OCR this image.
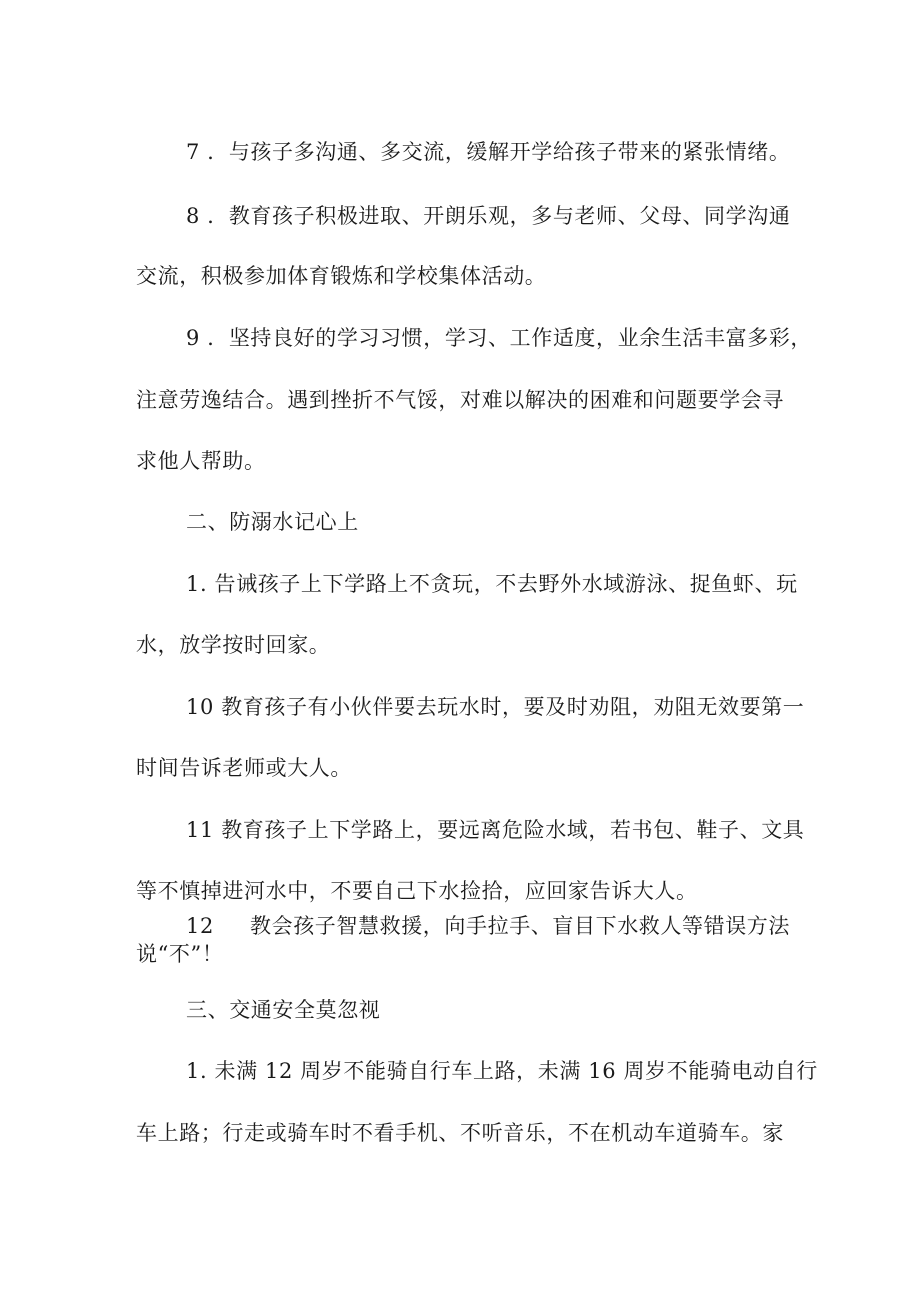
7 ．与孩子多沟通、多交流，缓解开学给孩子带来的紧张情绪。
8 ．教育孩子积极进取、开朗乐观，多与老师、父母、同学沟通
交流，积极参加体育锻炼和学校集体活动。
9 ．坚持良好的学习习惯，学习、工作适度，业余生活丰富多彩，
注意劳逸结合。遇到挫折不气馁，对难以解决的困难和问题要学会寻
求他人帮助。
二、防溺水记心上
1. 告诫孩子上下学路上不贪玩，不去野外水域游泳、捉鱼虾、玩
水，放学按时回家。
10 教育孩子有小伙伴要去玩水时，要及时劝阻，劝阻无效要第一
时间告诉老师或大人。
11 教育孩子上下学路上，要远离危险水域，若书包、鞋子、文具
等不慎掉进河水中，不要自己下水捡拾，应回家告诉大人。
12 教会孩子智慧救援，向手拉手、盲目下水救人等错误方法
说“不”！
三、交通安全莫忽视
1. 未满 12 周岁不能骑自行车上路，未满 16 周岁不能骑电动自行
车上路；行走或骑车时不看手机、不听音乐，不在机动车道骑车。家
